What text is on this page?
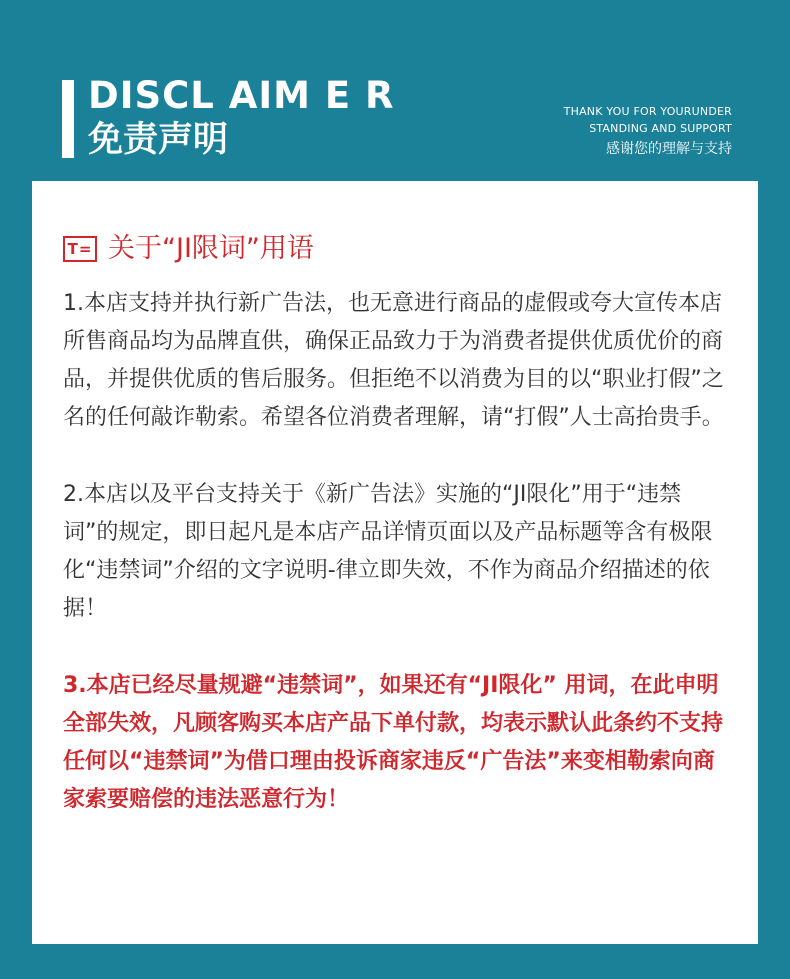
DISCL AIM E R
免责声明
THANK YOU FOR YOURUNDER
STANDING AND SUPPORT
感谢您的理解与支持
T= 关于“JI限词”用语

1.本店支持并执行新广告法，也无意进行商品的虚假或夸大宣传本店所售商品均为品牌直供，确保正品致力于为消费者提供优质优价的商品，并提供优质的售后服务。但拒绝不以消费为目的以“职业打假”之名的任何敲诈勒索。希望各位消费者理解，请“打假”人士高抬贵手。

2.本店以及平台支持关于《新广告法》实施的“JI限化”用于“违禁词”的规定，即日起凡是本店产品详情页面以及产品标题等含有极限化“违禁词”介绍的文字说明-律立即失效，不作为商品介绍描述的依据！

3.本店已经尽量规避“违禁词”，如果还有“JI限化” 用词，在此申明全部失效，凡顾客购买本店产品下单付款，均表示默认此条约不支持任何以“违禁词”为借口理由投诉商家违反“广告法”来变相勒索向商家索要赔偿的违法恶意行为！
